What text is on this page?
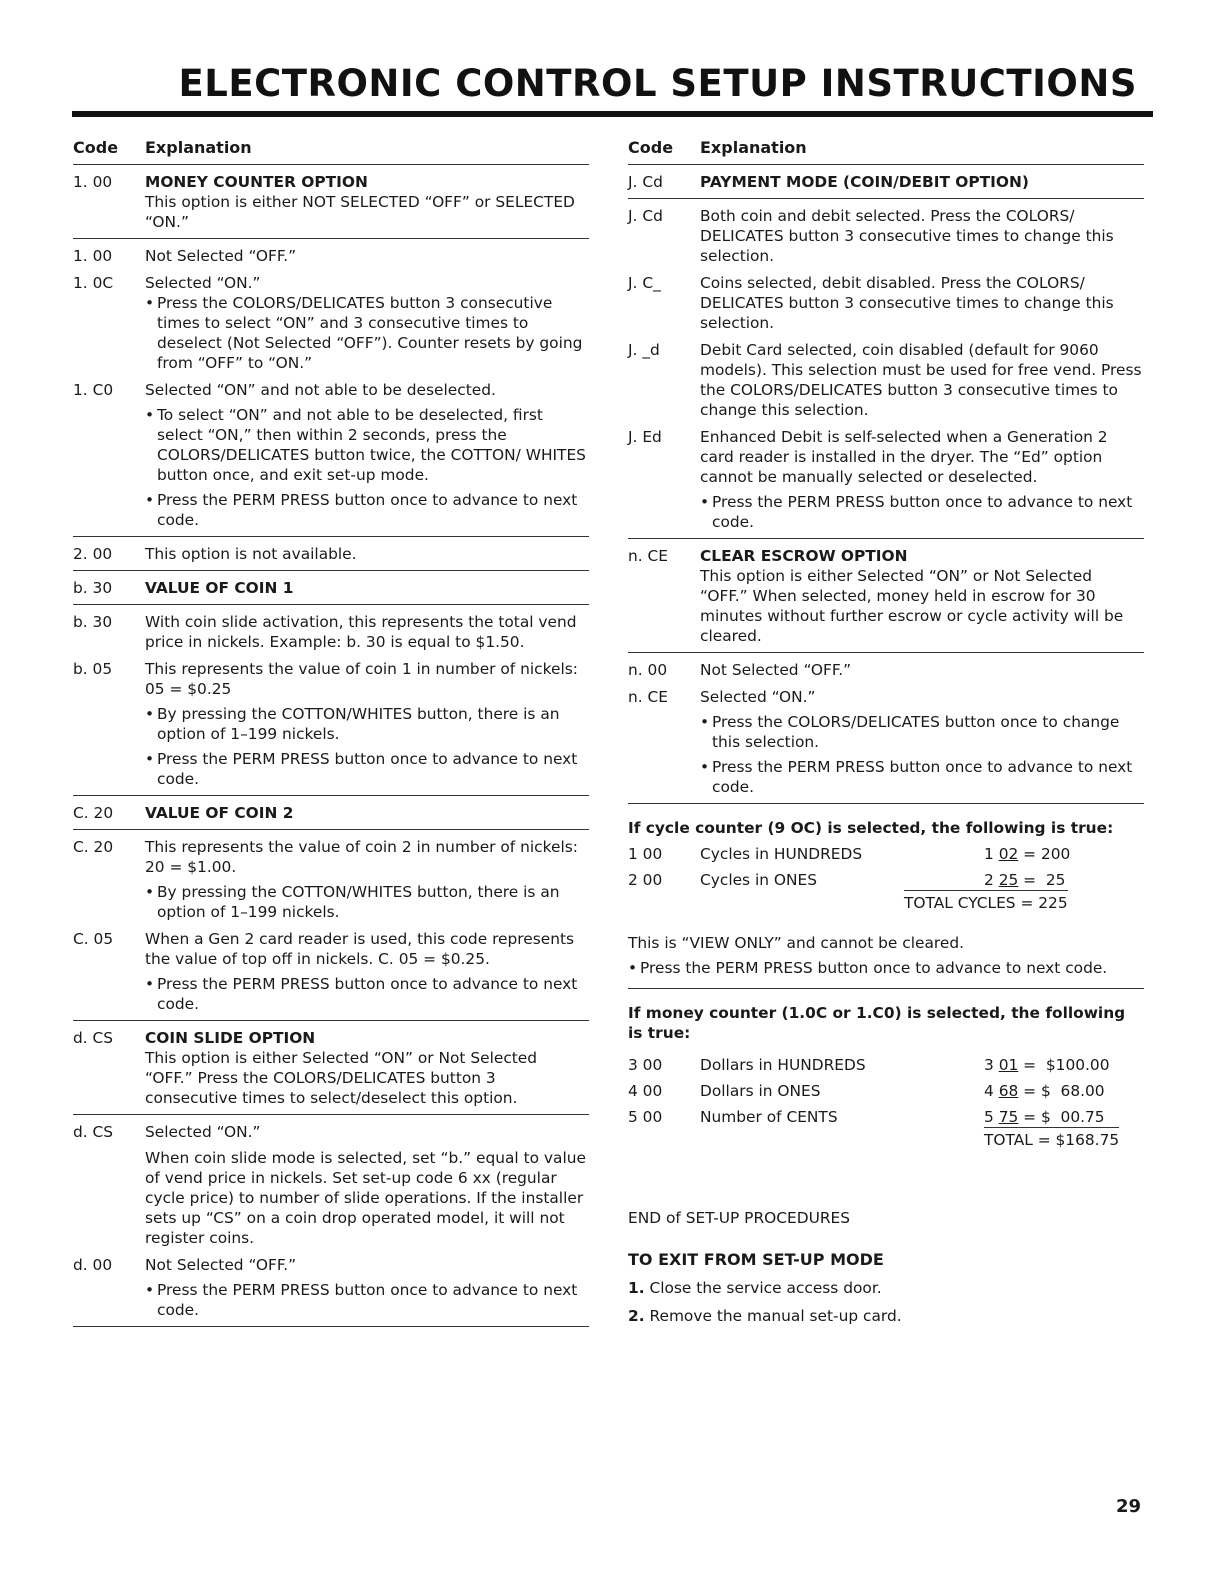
ELECTRONIC CONTROL SETUP INSTRUCTIONS
Code	Explanation
1. 00	MONEY COUNTER OPTION

This option is either NOT SELECTED “OFF” or SELECTED “ON.”

1. 00	Not Selected “OFF.”

1. 0C	Selected “ON.”

• Press the COLORS/DELICATES button 3 consecutive times to select “ON” and 3 consecutive times to deselect (Not Selected “OFF”). Counter resets by going from “OFF” to “ON.”
1. C0	Selected “ON” and not able to be deselected.

• To select “ON” and not able to be deselected, first select “ON,” then within 2 seconds, press the COLORS/DELICATES button twice, the COTTON/ WHITES button once, and exit set-up mode.
• Press the PERM PRESS button once to advance to next code.
2. 00	This option is not available.

b. 30	VALUE OF COIN 1
b. 30	With coin slide activation, this represents the total vend price in nickels. Example: b. 30 is equal to $1.50.

b. 05	This represents the value of coin 1 in number of nickels: 05 = $0.25

• By pressing the COTTON/WHITES button, there is an option of 1–199 nickels.
• Press the PERM PRESS button once to advance to next code.
C. 20	VALUE OF COIN 2
C. 20	This represents the value of coin 2 in number of nickels: 20 = $1.00.

• By pressing the COTTON/WHITES button, there is an option of 1–199 nickels.
C. 05	When a Gen 2 card reader is used, this code represents the value of top off in nickels. C. 05 = $0.25.

• Press the PERM PRESS button once to advance to next code.
d. CS	COIN SLIDE OPTION

This option is either Selected “ON” or Not Selected “OFF.” Press the COLORS/DELICATES button 3 consecutive times to select/deselect this option.

d. CS	Selected “ON.”

When coin slide mode is selected, set “b.” equal to value of vend price in nickels. Set set-up code 6 xx (regular cycle price) to number of slide operations. If the installer sets up “CS” on a coin drop operated model, it will not register coins.

d. 00	Not Selected “OFF.”

• Press the PERM PRESS button once to advance to next code.
Code	Explanation
J. Cd	PAYMENT MODE (COIN/DEBIT OPTION)
J. Cd	Both coin and debit selected. Press the COLORS/ DELICATES button 3 consecutive times to change this selection.

J. C_	Coins selected, debit disabled. Press the COLORS/ DELICATES button 3 consecutive times to change this selection.

J. _d	Debit Card selected, coin disabled (default for 9060 models). This selection must be used for free vend. Press the COLORS/DELICATES button 3 consecutive times to change this selection.

J. Ed	Enhanced Debit is self-selected when a Generation 2 card reader is installed in the dryer. The “Ed” option cannot be manually selected or deselected.

• Press the PERM PRESS button once to advance to next code.
n. CE	CLEAR ESCROW OPTION

This option is either Selected “ON” or Not Selected “OFF.” When selected, money held in escrow for 30 minutes without further escrow or cycle activity will be cleared.

n. 00	Not Selected “OFF.”

n. CE	Selected “ON.”

• Press the COLORS/DELICATES button once to change this selection.
• Press the PERM PRESS button once to advance to next code.
If cycle counter (9 OC) is selected, the following is true:
1 00	Cycles in HUNDREDS	1 02 = 200
2 00	Cycles in ONES	2 25 =  25
TOTAL CYCLES = 225

This is “VIEW ONLY” and cannot be cleared.

• Press the PERM PRESS button once to advance to next code.
If money counter (1.0C or 1.C0) is selected, the following is true:
3 00	Dollars in HUNDREDS	3 01 =  $100.00
4 00	Dollars in ONES	4 68 = $  68.00
5 00	Number of CENTS	5 75 = $  00.75
TOTAL = $168.75

END of SET-UP PROCEDURES

TO EXIT FROM SET-UP MODE
1. Close the service access door.
2. Remove the manual set-up card.
29
